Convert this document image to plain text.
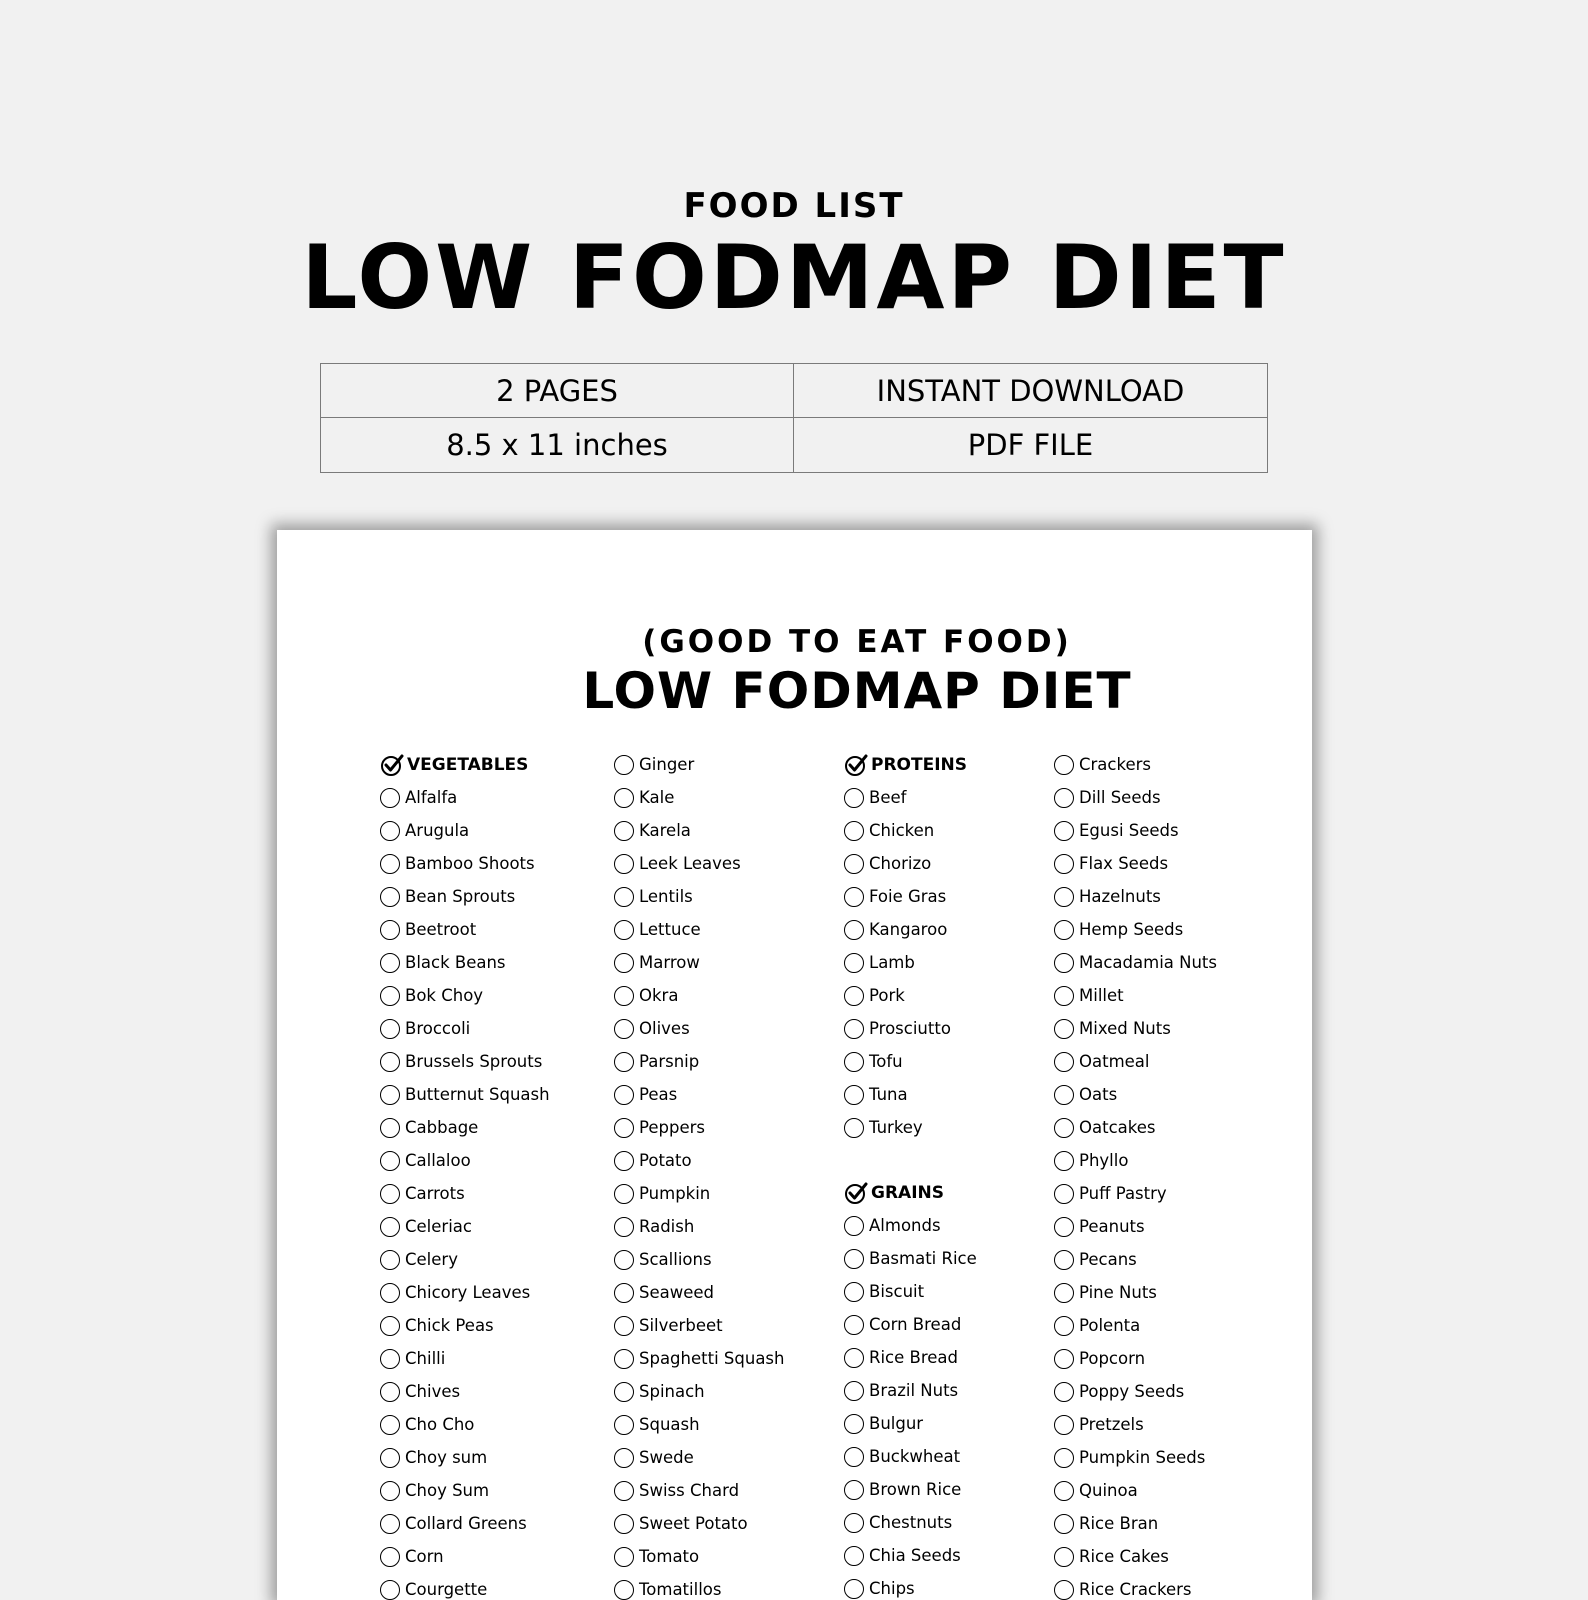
FOOD LIST
LOW FODMAP DIET
2 PAGES	INSTANT DOWNLOAD
8.5 x 11 inches	PDF FILE
(GOOD TO EAT FOOD)
LOW FODMAP DIET
VEGETABLES
Alfalfa
Arugula
Bamboo Shoots
Bean Sprouts
Beetroot
Black Beans
Bok Choy
Broccoli
Brussels Sprouts
Butternut Squash
Cabbage
Callaloo
Carrots
Celeriac
Celery
Chicory Leaves
Chick Peas
Chilli
Chives
Cho Cho
Choy sum
Choy Sum
Collard Greens
Corn
Courgette
Ginger
Kale
Karela
Leek Leaves
Lentils
Lettuce
Marrow
Okra
Olives
Parsnip
Peas
Peppers
Potato
Pumpkin
Radish
Scallions
Seaweed
Silverbeet
Spaghetti Squash
Spinach
Squash
Swede
Swiss Chard
Sweet Potato
Tomato
Tomatillos
PROTEINS
Beef
Chicken
Chorizo
Foie Gras
Kangaroo
Lamb
Pork
Prosciutto
Tofu
Tuna
Turkey
GRAINS
Almonds
Basmati Rice
Biscuit
Corn Bread
Rice Bread
Brazil Nuts
Bulgur
Buckwheat
Brown Rice
Chestnuts
Chia Seeds
Chips
Crackers
Dill Seeds
Egusi Seeds
Flax Seeds
Hazelnuts
Hemp Seeds
Macadamia Nuts
Millet
Mixed Nuts
Oatmeal
Oats
Oatcakes
Phyllo
Puff Pastry
Peanuts
Pecans
Pine Nuts
Polenta
Popcorn
Poppy Seeds
Pretzels
Pumpkin Seeds
Quinoa
Rice Bran
Rice Cakes
Rice Crackers
